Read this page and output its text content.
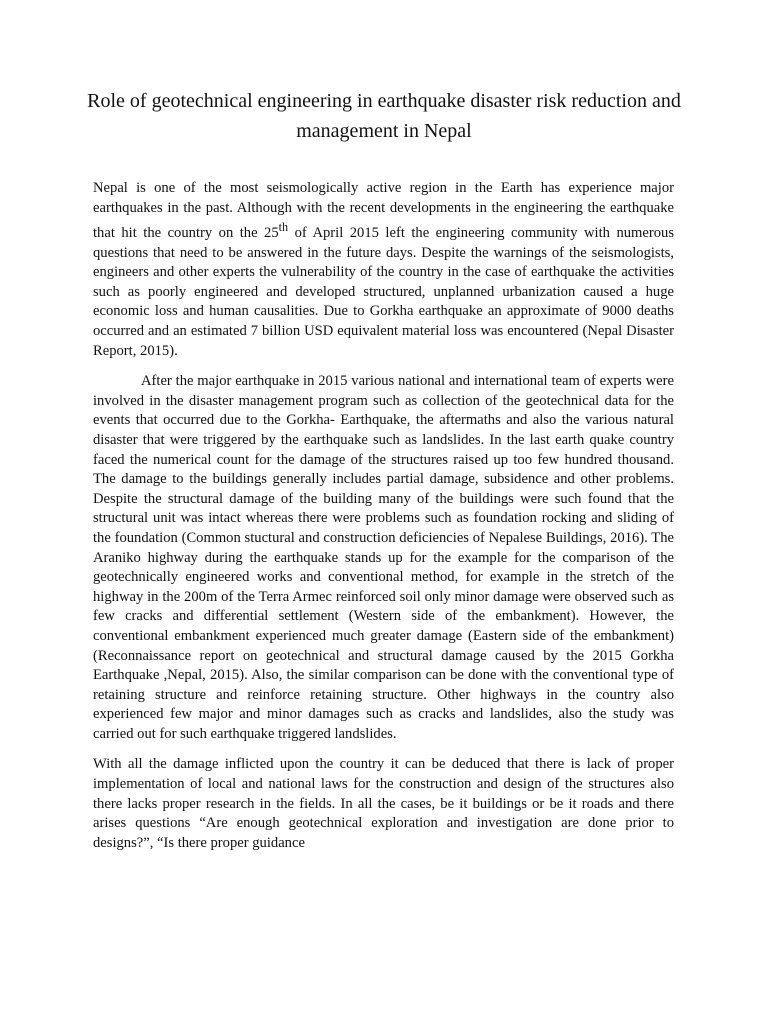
Role of geotechnical engineering in earthquake disaster risk reduction and management in Nepal

Nepal is one of the most seismologically active region in the Earth has experience major earthquakes in the past. Although with the recent developments in the engineering the earthquake that hit the country on the 25th of April 2015 left the engineering community with numerous questions that need to be answered in the future days. Despite the warnings of the seismologists, engineers and other experts the vulnerability of the country in the case of earthquake the activities such as poorly engineered and developed structured, unplanned urbanization caused a huge economic loss and human causalities. Due to Gorkha earthquake an approximate of 9000 deaths occurred and an estimated 7 billion USD equivalent material loss was encountered (Nepal Disaster Report, 2015).

After the major earthquake in 2015 various national and international team of experts were involved in the disaster management program such as collection of the geotechnical data for the events that occurred due to the Gorkha- Earthquake, the aftermaths and also the various natural disaster that were triggered by the earthquake such as landslides. In the last earth quake country faced the numerical count for the damage of the structures raised up too few hundred thousand. The damage to the buildings generally includes partial damage, subsidence and other problems. Despite the structural damage of the building many of the buildings were such found that the structural unit was intact whereas there were problems such as foundation rocking and sliding of the foundation (Common stuctural and construction deficiencies of Nepalese Buildings, 2016). The Araniko highway during the earthquake stands up for the example for the comparison of the geotechnically engineered works and conventional method, for example in the stretch of the highway in the 200m of the Terra Armec reinforced soil only minor damage were observed such as few cracks and differential settlement (Western side of the embankment). However, the conventional embankment experienced much greater damage (Eastern side of the embankment) (Reconnaissance report on geotechnical and structural damage caused by the 2015 Gorkha Earthquake ,Nepal, 2015). Also, the similar comparison can be done with the conventional type of retaining structure and reinforce retaining structure. Other highways in the country also experienced few major and minor damages such as cracks and landslides, also the study was carried out for such earthquake triggered landslides.

With all the damage inflicted upon the country it can be deduced that there is lack of proper implementation of local and national laws for the construction and design of the structures also there lacks proper research in the fields. In all the cases, be it buildings or be it roads and there arises questions “Are enough geotechnical exploration and investigation are done prior to designs?”, “Is there proper guidance
